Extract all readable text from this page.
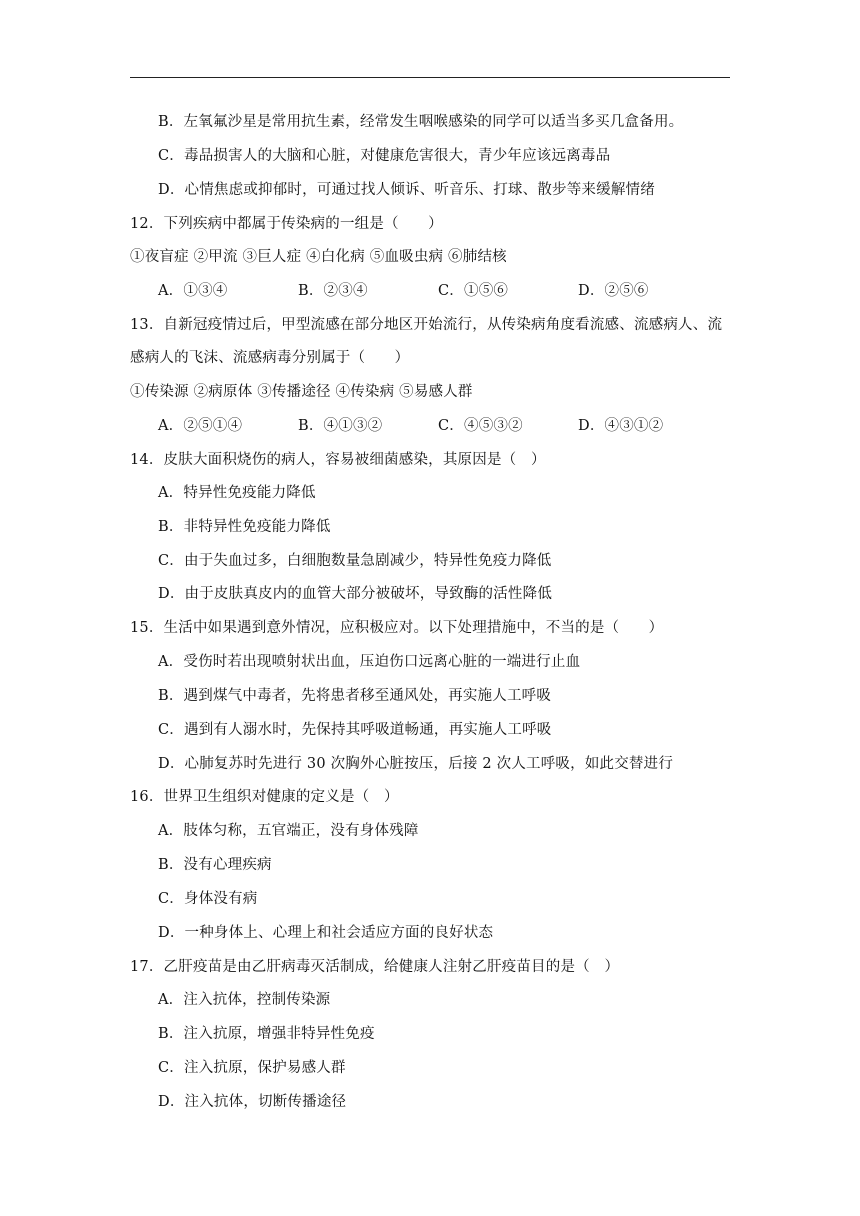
B．左氧氟沙星是常用抗生素，经常发生咽喉感染的同学可以适当多买几盒备用。
C．毒品损害人的大脑和心脏，对健康危害很大，青少年应该远离毒品
D．心情焦虑或抑郁时，可通过找人倾诉、听音乐、打球、散步等来缓解情绪
12．下列疾病中都属于传染病的一组是（　　）
①夜盲症 ②甲流 ③巨人症 ④白化病 ⑤血吸虫病 ⑥肺结核
A．①③④	B．②③④	C．①⑤⑥	D．②⑤⑥
13．自新冠疫情过后，甲型流感在部分地区开始流行，从传染病角度看流感、流感病人、流
感病人的飞沫、流感病毒分别属于（　　）
①传染源 ②病原体 ③传播途径 ④传染病 ⑤易感人群
A．②⑤①④	B．④①③②	C．④⑤③②	D．④③①②
14．皮肤大面积烧伤的病人，容易被细菌感染，其原因是（　）
A．特异性免疫能力降低
B．非特异性免疫能力降低
C．由于失血过多，白细胞数量急剧减少，特异性免疫力降低
D．由于皮肤真皮内的血管大部分被破坏，导致酶的活性降低
15．生活中如果遇到意外情况，应积极应对。以下处理措施中，不当的是（　　）
A．受伤时若出现喷射状出血，压迫伤口远离心脏的一端进行止血
B．遇到煤气中毒者，先将患者移至通风处，再实施人工呼吸
C．遇到有人溺水时，先保持其呼吸道畅通，再实施人工呼吸
D．心肺复苏时先进行 30 次胸外心脏按压，后接 2 次人工呼吸，如此交替进行
16．世界卫生组织对健康的定义是（　）
A．肢体匀称，五官端正，没有身体残障
B．没有心理疾病
C．身体没有病
D．一种身体上、心理上和社会适应方面的良好状态
17．乙肝疫苗是由乙肝病毒灭活制成，给健康人注射乙肝疫苗目的是（　）
A．注入抗体，控制传染源
B．注入抗原，增强非特异性免疫
C．注入抗原，保护易感人群
D．注入抗体，切断传播途径
